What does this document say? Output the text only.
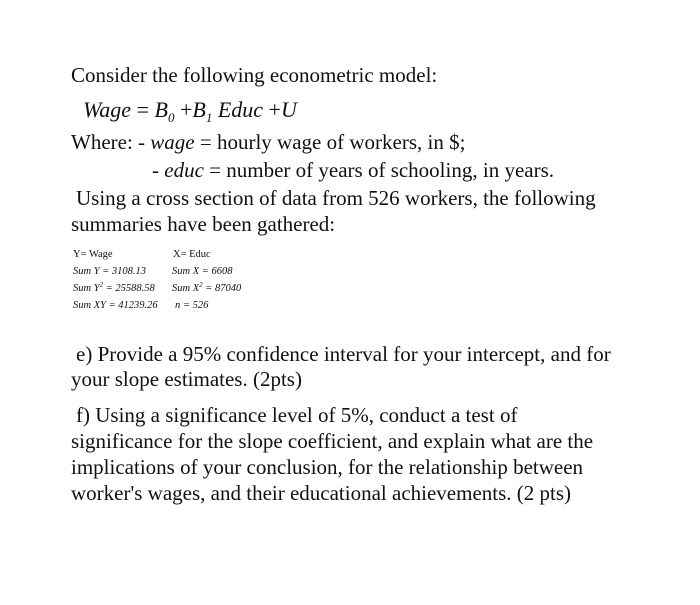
Consider the following econometric model:
Wage = $B_0 +B_1$ Educ +U
Where: - wage = hourly wage of workers, in $;
- educ = number of years of schooling, in years.
Using a cross section of data from 526 workers, the following
summaries have been gathered:
Y= Wage	X= Educ
Sum Y = 3108.13 Sum X = 6608
Sum $Y^2 = 25588.58$ Sum $X^2 = 87040$
Sum XY = 41239.26 n = 526
e) Provide a 95% confidence interval for your intercept, and for
your slope estimates. (2pts)
f) Using a significance level of 5%, conduct a test of
significance for the slope coefficient, and explain what are the
implications of your conclusion, for the relationship between
worker's wages, and their educational achievements. (2 pts)
